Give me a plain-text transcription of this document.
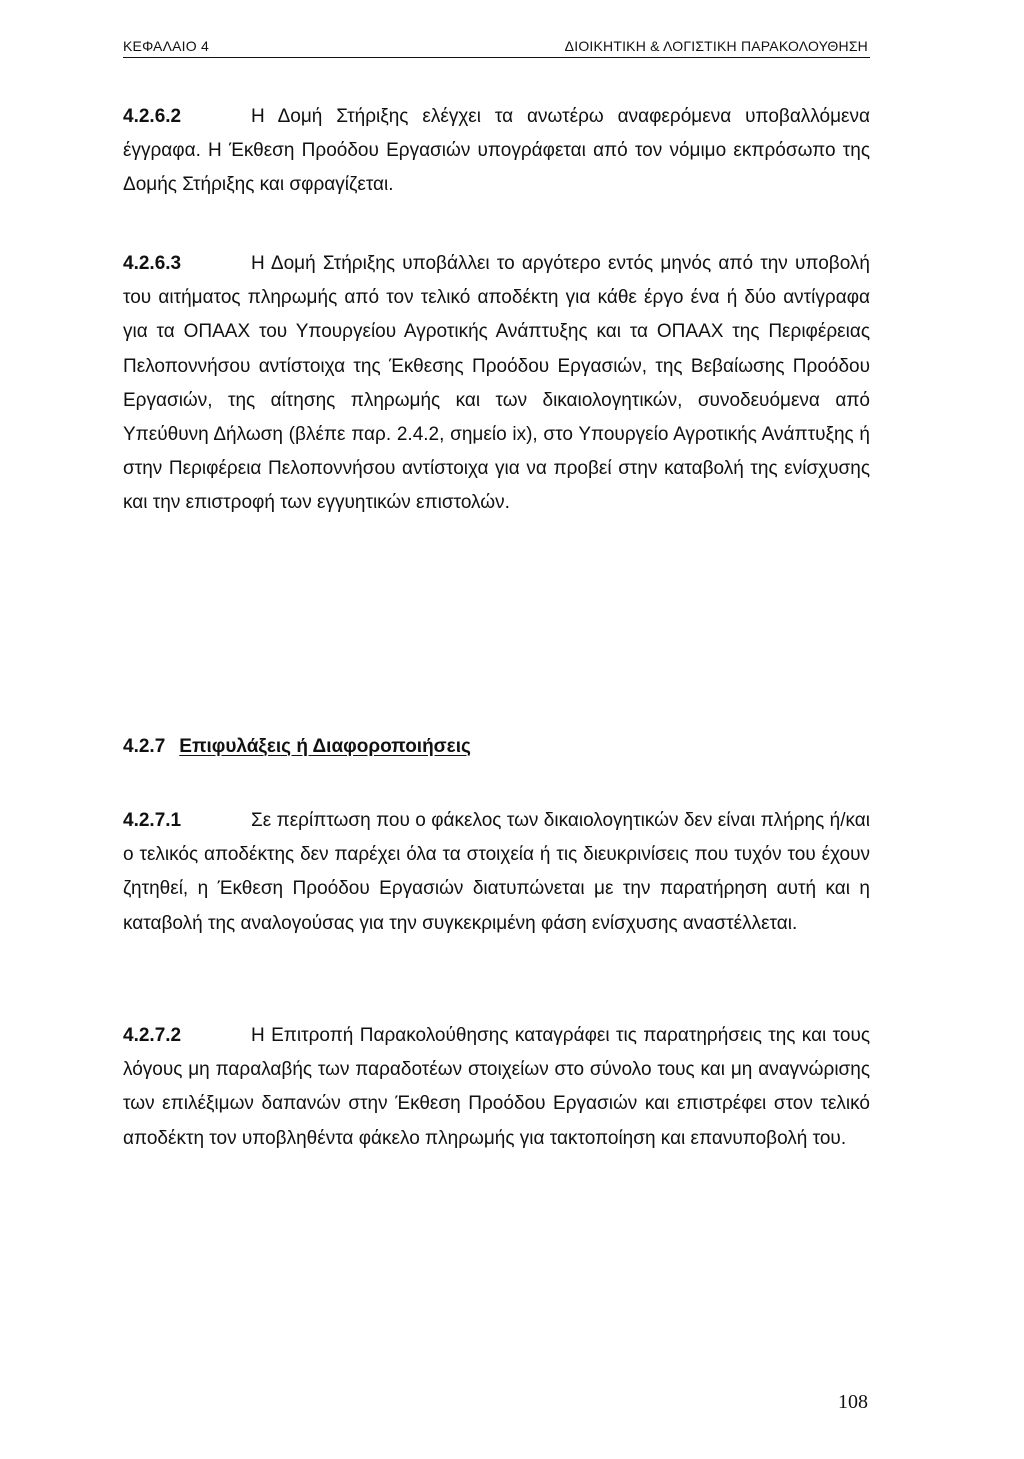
ΚΕΦΑΛΑΙΟ 4	ΔΙΟΙΚΗΤΙΚΗ & ΛΟΓΙΣΤΙΚΗ ΠΑΡΑΚΟΛΟΥΘΗΣΗ

4.2.6.2	Η Δομή Στήριξης ελέγχει τα ανωτέρω αναφερόμενα υποβαλλόμενα έγγραφα. Η Έκθεση Προόδου Εργασιών υπογράφεται από τον νόμιμο εκπρόσωπο της Δομής Στήριξης και σφραγίζεται.

4.2.6.3	Η Δομή Στήριξης υποβάλλει το αργότερο εντός μηνός από την υποβολή του αιτήματος πληρωμής από τον τελικό αποδέκτη για κάθε έργο ένα ή δύο αντίγραφα για τα ΟΠΑΑΧ του Υπουργείου Αγροτικής Ανάπτυξης και τα ΟΠΑΑΧ της Περιφέρειας Πελοποννήσου αντίστοιχα της Έκθεσης Προόδου Εργασιών, της Βεβαίωσης Προόδου Εργασιών, της αίτησης πληρωμής και των δικαιολογητικών, συνοδευόμενα από Υπεύθυνη Δήλωση (βλέπε παρ. 2.4.2, σημείο ix), στο Υπουργείο Αγροτικής Ανάπτυξης ή στην Περιφέρεια Πελοποννήσου αντίστοιχα για να προβεί στην καταβολή της ενίσχυσης και την επιστροφή των εγγυητικών επιστολών.

4.2.7 Επιφυλάξεις ή Διαφοροποιήσεις

4.2.7.1	Σε περίπτωση που ο φάκελος των δικαιολογητικών δεν είναι πλήρης ή/και ο τελικός αποδέκτης δεν παρέχει όλα τα στοιχεία ή τις διευκρινίσεις που τυχόν του έχουν ζητηθεί, η Έκθεση Προόδου Εργασιών διατυπώνεται με την παρατήρηση αυτή και η καταβολή της αναλογούσας για την συγκεκριμένη φάση ενίσχυσης αναστέλλεται.

4.2.7.2	Η Επιτροπή Παρακολούθησης καταγράφει τις παρατηρήσεις της και τους λόγους μη παραλαβής των παραδοτέων στοιχείων στο σύνολο τους και μη αναγνώρισης των επιλέξιμων δαπανών στην Έκθεση Προόδου Εργασιών και επιστρέφει στον τελικό αποδέκτη τον υποβληθέντα φάκελο πληρωμής για τακτοποίηση και επανυποβολή του.

108
